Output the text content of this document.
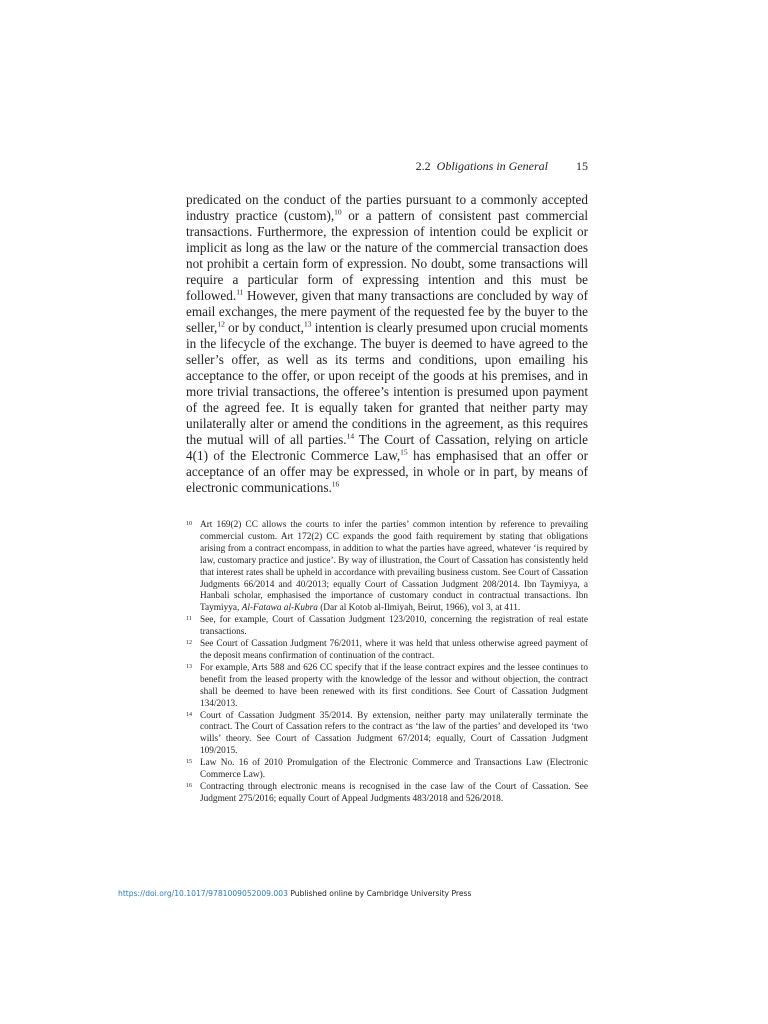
2.2 Obligations in General	15
predicated on the conduct of the parties pursuant to a commonly accepted industry practice (custom),$^{10}$ or a pattern of consistent past commercial transactions. Furthermore, the expression of intention could be explicit or implicit as long as the law or the nature of the commercial transaction does not prohibit a certain form of expression. No doubt, some transactions will require a particular form of expressing intention and this must be followed.$^{11}$ However, given that many transactions are concluded by way of email exchanges, the mere payment of the requested fee by the buyer to the seller,$^{12}$ or by conduct,$^{13}$ intention is clearly presumed upon crucial moments in the lifecycle of the exchange. The buyer is deemed to have agreed to the seller’s offer, as well as its terms and conditions, upon emailing his acceptance to the offer, or upon receipt of the goods at his premises, and in more trivial transactions, the offeree’s intention is presumed upon payment of the agreed fee. It is equally taken for granted that neither party may unilaterally alter or amend the conditions in the agreement, as this requires the mutual will of all parties.$^{14}$ The Court of Cassation, relying on article 4(1) of the Electronic Commerce Law,$^{15}$ has emphasised that an offer or acceptance of an offer may be expressed, in whole or in part, by means of electronic communications.$^{16}$

10 Art 169(2) CC allows the courts to infer the parties’ common intention by reference to prevailing commercial custom. Art 172(2) CC expands the good faith requirement by stating that obligations arising from a contract encompass, in addition to what the parties have agreed, whatever ‘is required by law, customary practice and justice’. By way of illustration, the Court of Cassation has consistently held that interest rates shall be upheld in accordance with prevailing business custom. See Court of Cassation Judgments 66/2014 and 40/2013; equally Court of Cassation Judgment 208/2014. Ibn Taymiyya, a Hanbali scholar, emphasised the importance of customary conduct in contractual transactions. Ibn Taymiyya, Al-Fatawa al-Kubra (Dar al Kotob al-Ilmiyah, Beirut, 1966), vol 3, at 411.

11 See, for example, Court of Cassation Judgment 123/2010, concerning the registration of real estate transactions.

12 See Court of Cassation Judgment 76/2011, where it was held that unless otherwise agreed payment of the deposit means confirmation of continuation of the contract.

13 For example, Arts 588 and 626 CC specify that if the lease contract expires and the lessee continues to benefit from the leased property with the knowledge of the lessor and without objection, the contract shall be deemed to have been renewed with its first conditions. See Court of Cassation Judgment 134/2013.

14 Court of Cassation Judgment 35/2014. By extension, neither party may unilaterally terminate the contract. The Court of Cassation refers to the contract as ‘the law of the parties’ and developed its ‘two wills’ theory. See Court of Cassation Judgment 67/2014; equally, Court of Cassation Judgment 109/2015.

15 Law No. 16 of 2010 Promulgation of the Electronic Commerce and Transactions Law (Electronic Commerce Law).

16 Contracting through electronic means is recognised in the case law of the Court of Cassation. See Judgment 275/2016; equally Court of Appeal Judgments 483/2018 and 526/2018.

https://doi.org/10.1017/9781009052009.003 Published online by Cambridge University Press
